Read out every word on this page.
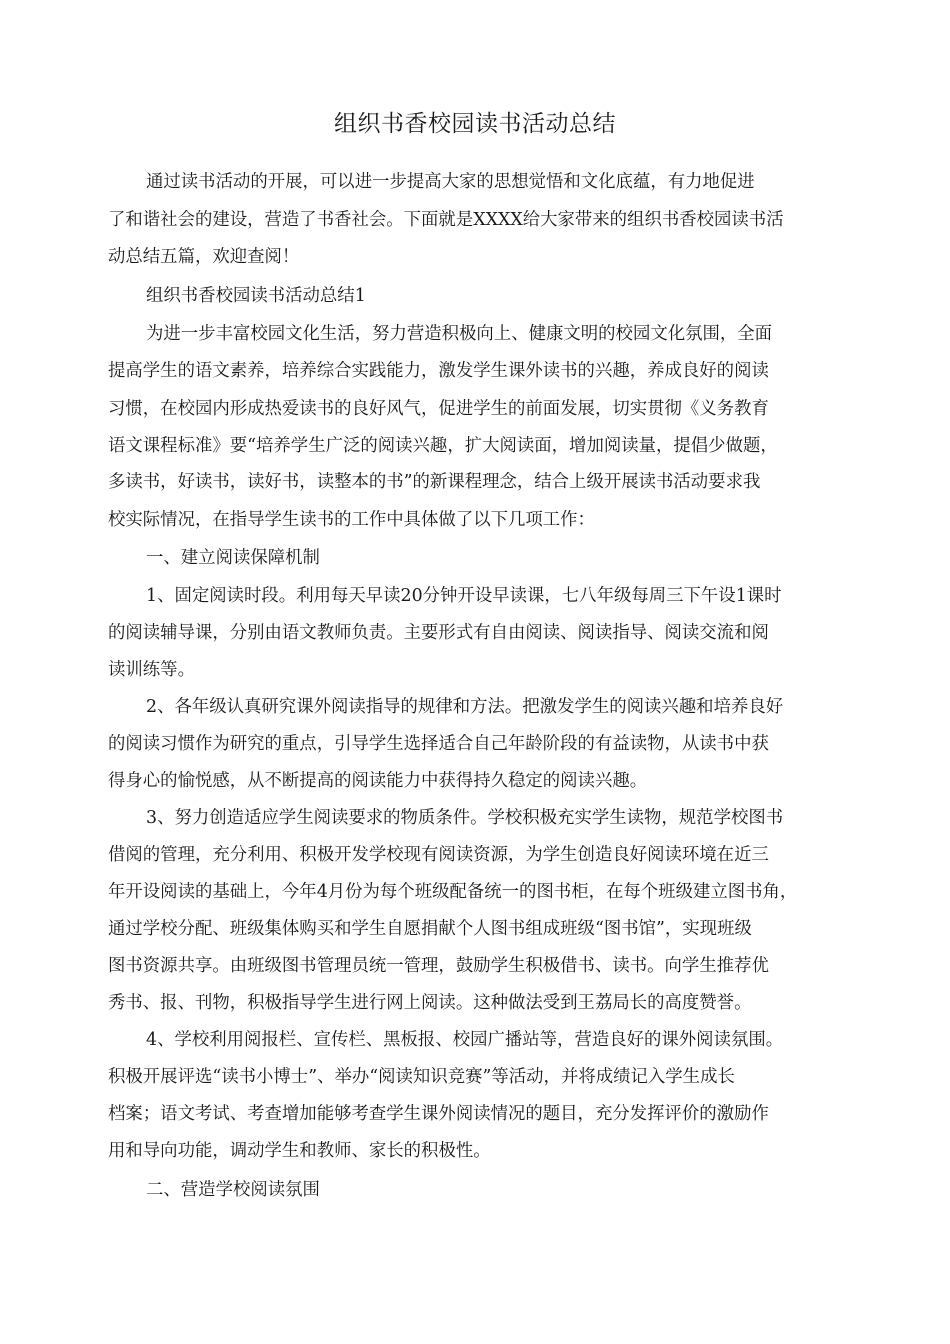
组织书香校园读书活动总结
通过读书活动的开展，可以进一步提高大家的思想觉悟和文化底蕴，有力地促进
了和谐社会的建设，营造了书香社会。下面就是XXXX给大家带来的组织书香校园读书活
动总结五篇，欢迎查阅！
组织书香校园读书活动总结1
为进一步丰富校园文化生活，努力营造积极向上、健康文明的校园文化氛围，全面
提高学生的语文素养，培养综合实践能力，激发学生课外读书的兴趣，养成良好的阅读
习惯，在校园内形成热爱读书的良好风气，促进学生的前面发展，切实贯彻《义务教育
语文课程标准》要“培养学生广泛的阅读兴趣，扩大阅读面，增加阅读量，提倡少做题，
多读书，好读书，读好书，读整本的书”的新课程理念，结合上级开展读书活动要求我
校实际情况，在指导学生读书的工作中具体做了以下几项工作：
一、建立阅读保障机制
1、固定阅读时段。利用每天早读20分钟开设早读课，七八年级每周三下午设1课时
的阅读辅导课，分别由语文教师负责。主要形式有自由阅读、阅读指导、阅读交流和阅
读训练等。
2、各年级认真研究课外阅读指导的规律和方法。把激发学生的阅读兴趣和培养良好
的阅读习惯作为研究的重点，引导学生选择适合自己年龄阶段的有益读物，从读书中获
得身心的愉悦感，从不断提高的阅读能力中获得持久稳定的阅读兴趣。
3、努力创造适应学生阅读要求的物质条件。学校积极充实学生读物，规范学校图书
借阅的管理，充分利用、积极开发学校现有阅读资源，为学生创造良好阅读环境在近三
年开设阅读的基础上，今年4月份为每个班级配备统一的图书柜，在每个班级建立图书角，
通过学校分配、班级集体购买和学生自愿捐献个人图书组成班级“图书馆”，实现班级
图书资源共享。由班级图书管理员统一管理，鼓励学生积极借书、读书。向学生推荐优
秀书、报、刊物，积极指导学生进行网上阅读。这种做法受到王荔局长的高度赞誉。
4、学校利用阅报栏、宣传栏、黑板报、校园广播站等，营造良好的课外阅读氛围。
积极开展评选“读书小博士”、举办“阅读知识竞赛”等活动，并将成绩记入学生成长
档案；语文考试、考查增加能够考查学生课外阅读情况的题目，充分发挥评价的激励作
用和导向功能，调动学生和教师、家长的积极性。
二、营造学校阅读氛围
